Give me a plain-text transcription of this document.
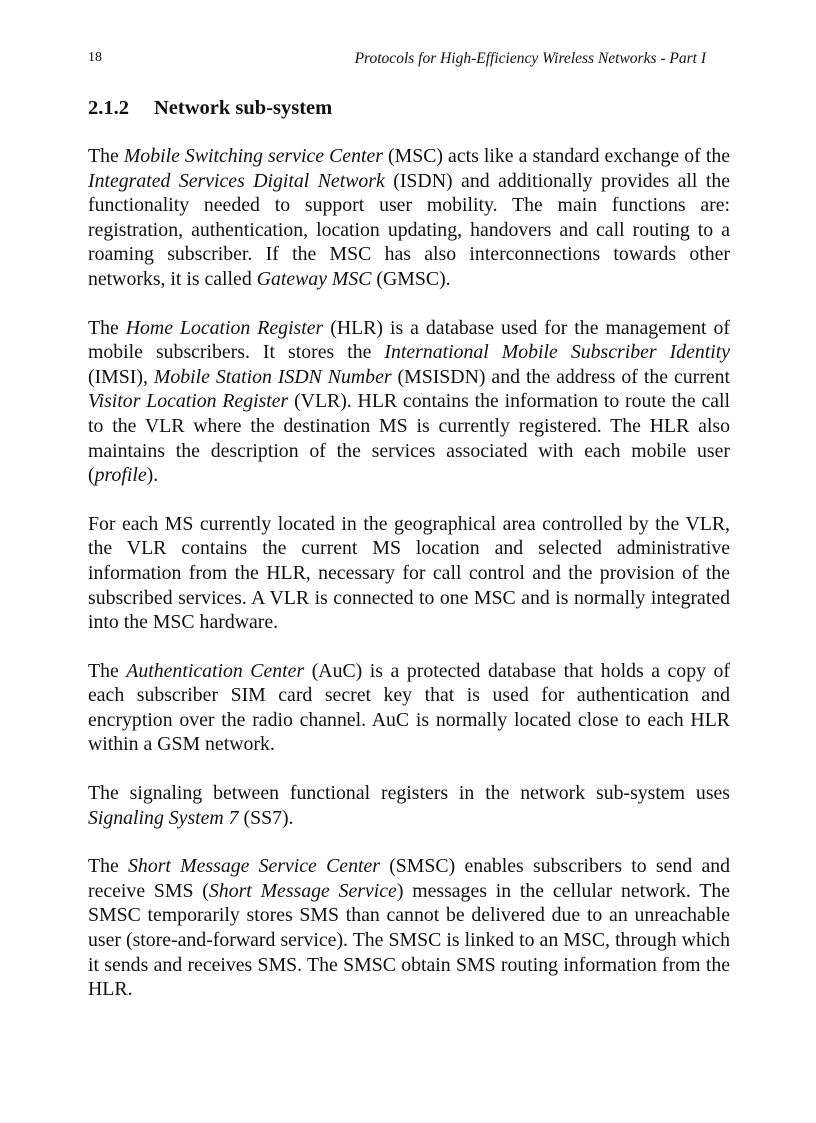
18	Protocols for High-Efficiency Wireless Networks - Part I
2.1.2 Network sub-system

The Mobile Switching service Center (MSC) acts like a standard exchange of the Integrated Services Digital Network (ISDN) and additionally provides all the functionality needed to support user mobility. The main functions are: registration, authentication, location updating, handovers and call routing to a roaming subscriber. If the MSC has also interconnections towards other networks, it is called Gateway MSC (GMSC).

The Home Location Register (HLR) is a database used for the management of mobile subscribers. It stores the International Mobile Subscriber Identity (IMSI), Mobile Station ISDN Number (MSISDN) and the address of the current Visitor Location Register (VLR). HLR contains the information to route the call to the VLR where the destination MS is currently registered. The HLR also maintains the description of the services associated with each mobile user (profile).

For each MS currently located in the geographical area controlled by the VLR, the VLR contains the current MS location and selected administrative information from the HLR, necessary for call control and the provision of the subscribed services. A VLR is connected to one MSC and is normally integrated into the MSC hardware.

The Authentication Center (AuC) is a protected database that holds a copy of each subscriber SIM card secret key that is used for authentication and encryption over the radio channel. AuC is normally located close to each HLR within a GSM network.

The signaling between functional registers in the network sub-system uses Signaling System 7 (SS7).

The Short Message Service Center (SMSC) enables subscribers to send and receive SMS (Short Message Service) messages in the cellular network. The SMSC temporarily stores SMS than cannot be delivered due to an unreachable user (store-and-forward service). The SMSC is linked to an MSC, through which it sends and receives SMS. The SMSC obtain SMS routing information from the HLR.
